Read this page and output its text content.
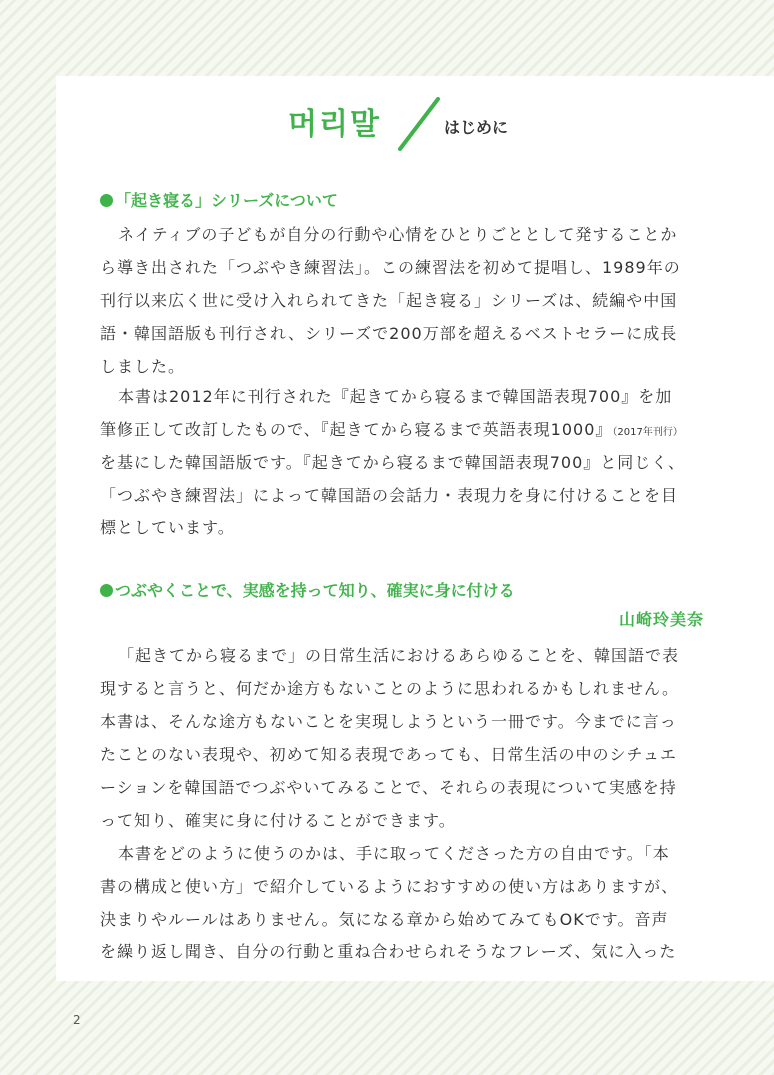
머리말	はじめに
「起き寝る」シリーズについて
ネイティブの子どもが自分の行動や心情をひとりごととして発することか
ら導き出された「つぶやき練習法」。この練習法を初めて提唱し、1989年の
刊行以来広く世に受け入れられてきた「起き寝る」シリーズは、続編や中国
語・韓国語版も刊行され、シリーズで200万部を超えるベストセラーに成長
しました。
本書は2012年に刊行された『起きてから寝るまで韓国語表現700』を加
筆修正して改訂したもので、『起きてから寝るまで英語表現1000』（2017年刊行）
を基にした韓国語版です。『起きてから寝るまで韓国語表現700』と同じく、
「つぶやき練習法」によって韓国語の会話力・表現力を身に付けることを目
標としています。
つぶやくことで、実感を持って知り、確実に身に付ける
山崎玲美奈
「起きてから寝るまで」の日常生活におけるあらゆることを、韓国語で表
現すると言うと、何だか途方もないことのように思われるかもしれません。
本書は、そんな途方もないことを実現しようという一冊です。今までに言っ
たことのない表現や、初めて知る表現であっても、日常生活の中のシチュエ
ーションを韓国語でつぶやいてみることで、それらの表現について実感を持
って知り、確実に身に付けることができます。
本書をどのように使うのかは、手に取ってくださった方の自由です。「本
書の構成と使い方」で紹介しているようにおすすめの使い方はありますが、
決まりやルールはありません。気になる章から始めてみてもOKです。音声
を繰り返し聞き、自分の行動と重ね合わせられそうなフレーズ、気に入った
2
